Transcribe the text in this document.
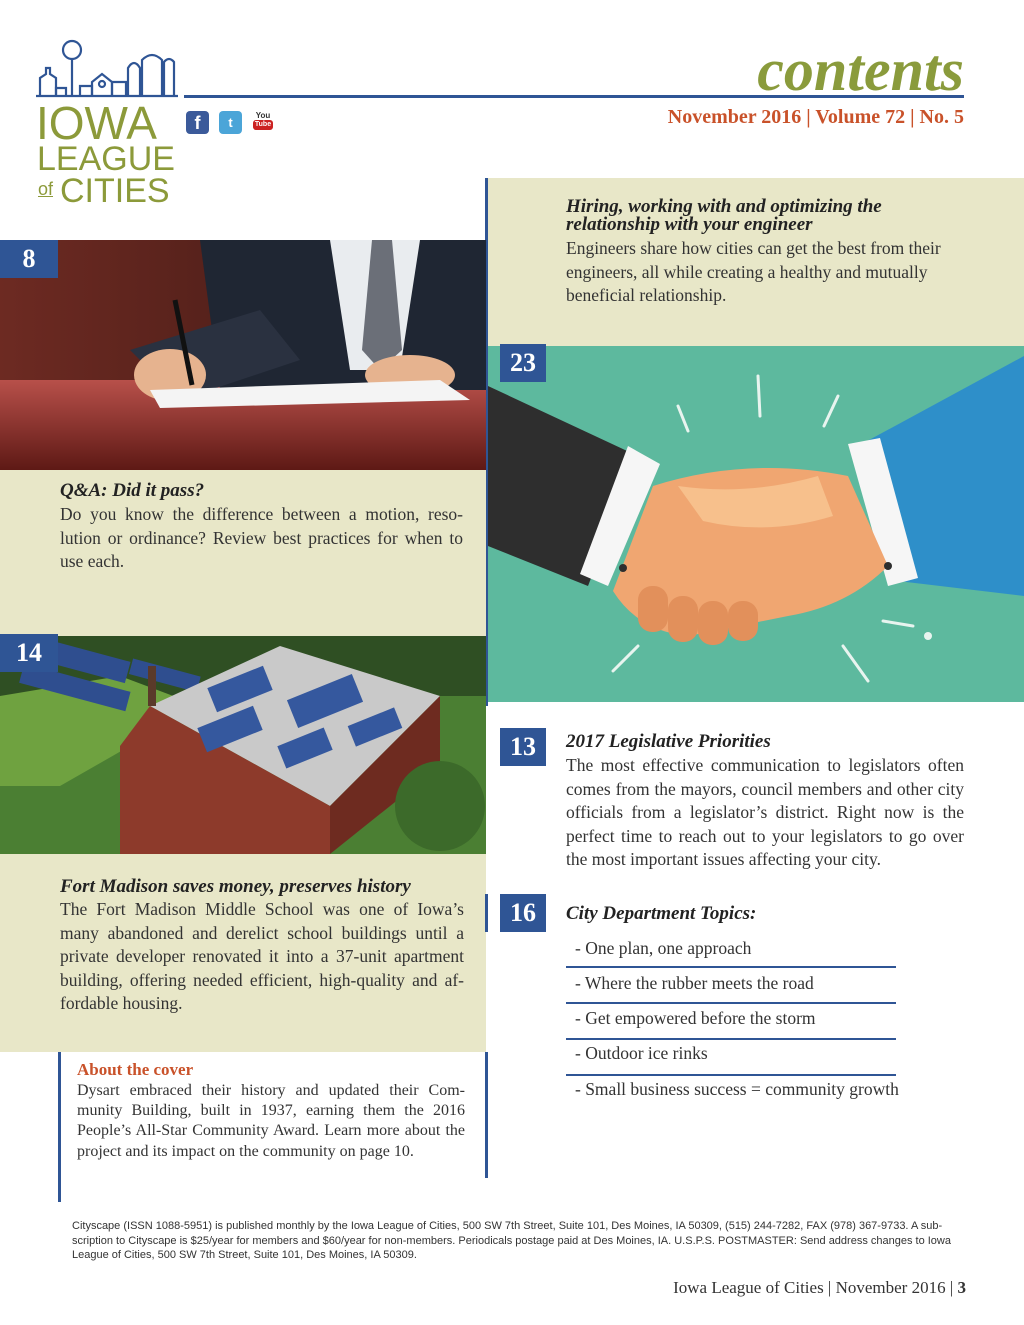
IOWA
LEAGUE
of CITIES
f	t	You
Tube
contents
November 2016 | Volume 72 | No. 5
Hiring, working with and optimizing the
relationship with your engineer
Engineers share how cities can get the best from their engineers, all while creating a healthy and mutually beneficial relationship.
8
Q&A: Did it pass?
Do you know the difference between a motion, reso-lution or ordinance? Review best practices for when to use each.
23
14
Fort Madison saves money, preserves history
The Fort Madison Middle School was one of Iowa’s many abandoned and derelict school buildings until a private developer renovated it into a 37-unit apartment building, offering needed efficient, high-quality and af-fordable housing.
About the cover
Dysart embraced their history and updated their Com-munity Building, built in 1937, earning them the 2016 People’s All-Star Community Award. Learn more about the project and its impact on the community on page 10.
13	2017 Legislative Priorities
The most effective communication to legislators often comes from the mayors, council members and other city officials from a legislator’s district. Right now is the perfect time to reach out to your legislators to go over the most important issues affecting your city.
16	City Department Topics:
- One plan, one approach
- Where the rubber meets the road
- Get empowered before the storm
- Outdoor ice rinks
- Small business success = community growth
Cityscape (ISSN 1088-5951) is published monthly by the Iowa League of Cities, 500 SW 7th Street, Suite 101, Des Moines, IA 50309, (515) 244-7282, FAX (978) 367-9733. A sub-scription to Cityscape is $25/year for members and $60/year for non-members. Periodicals postage paid at Des Moines, IA. U.S.P.S. POSTMASTER: Send address changes to Iowa League of Cities, 500 SW 7th Street, Suite 101, Des Moines, IA 50309.
Iowa League of Cities | November 2016 | 3
